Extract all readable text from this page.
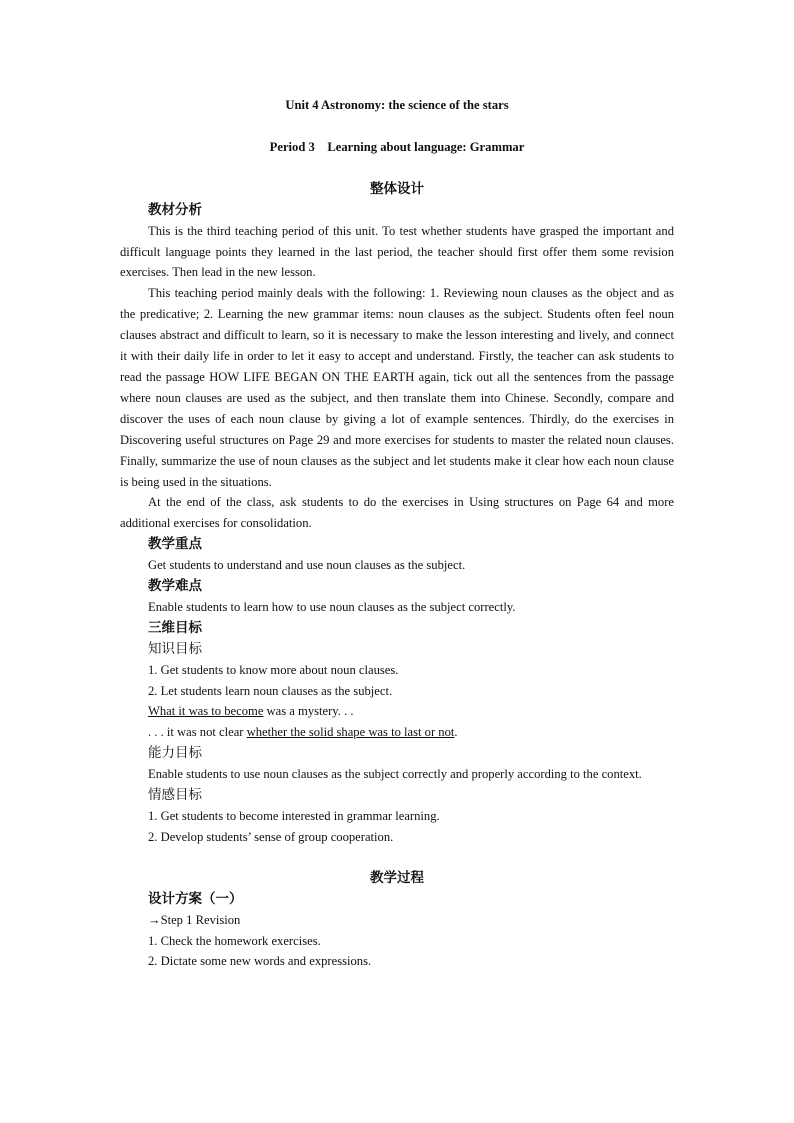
Unit 4 Astronomy: the science of the stars
Period 3    Learning about language: Grammar
整体设计
教材分析
This is the third teaching period of this unit. To test whether students have grasped the important and difficult language points they learned in the last period, the teacher should first offer them some revision exercises. Then lead in the new lesson.
This teaching period mainly deals with the following: 1. Reviewing noun clauses as the object and as the predicative; 2. Learning the new grammar items: noun clauses as the subject. Students often feel noun clauses abstract and difficult to learn, so it is necessary to make the lesson interesting and lively, and connect it with their daily life in order to let it easy to accept and understand. Firstly, the teacher can ask students to read the passage HOW LIFE BEGAN ON THE EARTH again, tick out all the sentences from the passage where noun clauses are used as the subject, and then translate them into Chinese. Secondly, compare and discover the uses of each noun clause by giving a lot of example sentences. Thirdly, do the exercises in Discovering useful structures on Page 29 and more exercises for students to master the related noun clauses. Finally, summarize the use of noun clauses as the subject and let students make it clear how each noun clause is being used in the situations.
At the end of the class, ask students to do the exercises in Using structures on Page 64 and more additional exercises for consolidation.
教学重点
Get students to understand and use noun clauses as the subject.
教学难点
Enable students to learn how to use noun clauses as the subject correctly.
三维目标
知识目标
1. Get students to know more about noun clauses.
2. Let students learn noun clauses as the subject.
What it was to become was a mystery. . .
. . . it was not clear whether the solid shape was to last or not.
能力目标
Enable students to use noun clauses as the subject correctly and properly according to the context.
情感目标
1. Get students to become interested in grammar learning.
2. Develop students’ sense of group cooperation.
教学过程
设计方案（一）
→Step 1 Revision
1. Check the homework exercises.
2. Dictate some new words and expressions.
